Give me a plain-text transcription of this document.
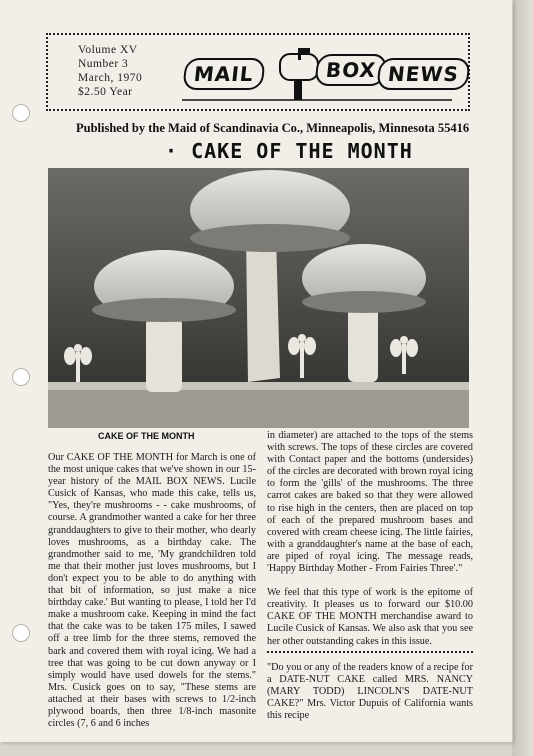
Volume XV
Number 3
March, 1970
$2.50 Year
MAIL	BOX NEWS
Published by the Maid of Scandinavia Co., Minneapolis, Minnesota 55416
· CAKE OF THE MONTH
CAKE OF THE MONTH

Our CAKE OF THE MONTH for March is one of the most unique cakes that we've shown in our 15-year history of the MAIL BOX NEWS. Lucile Cusick of Kansas, who made this cake, tells us, "Yes, they're mushrooms - - cake mushrooms, of course. A grandmother wanted a cake for her three granddaughters to give to their mother, who dearly loves mushrooms, as a birthday cake. The grandmother said to me, 'My grandchildren told me that their mother just loves mushrooms, but I don't expect you to be able to do anything with that bit of information, so just make a nice birthday cake.' But wanting to please, I told her I'd make a mushroom cake. Keeping in mind the fact that the cake was to be taken 175 miles, I sawed off a tree limb for the three stems, removed the bark and covered them with royal icing. We had a tree that was going to be cut down anyway or I simply would have used dowels for the stems." Mrs. Cusick goes on to say, "These stems are attached at their bases with screws to 1/2-inch plywood boards, then three 1/8-inch masonite circles (7, 6 and 6 inches

in diameter) are attached to the tops of the stems with screws. The tops of these circles are covered with Contact paper and the bottoms (undersides) of the circles are decorated with brown royal icing to form the 'gills' of the mushrooms. The three carrot cakes are baked so that they were allowed to rise high in the centers, then are placed on top of each of the prepared mushroom bases and covered with cream cheese icing. The little fairies, with a granddaughter's name at the base of each, are piped of royal icing. The message reads, 'Happy Birthday Mother - From Fairies Three'."

We feel that this type of work is the epitome of creativity. It pleases us to forward our $10.00 CAKE OF THE MONTH merchandise award to Lucile Cusick of Kansas. We also ask that you see her other outstanding cakes in this issue.

"Do you or any of the readers know of a recipe for a DATE-NUT CAKE called MRS. NANCY (MARY TODD) LINCOLN'S DATE-NUT CAKE?" Mrs. Victor Dupuis of California wants this recipe
